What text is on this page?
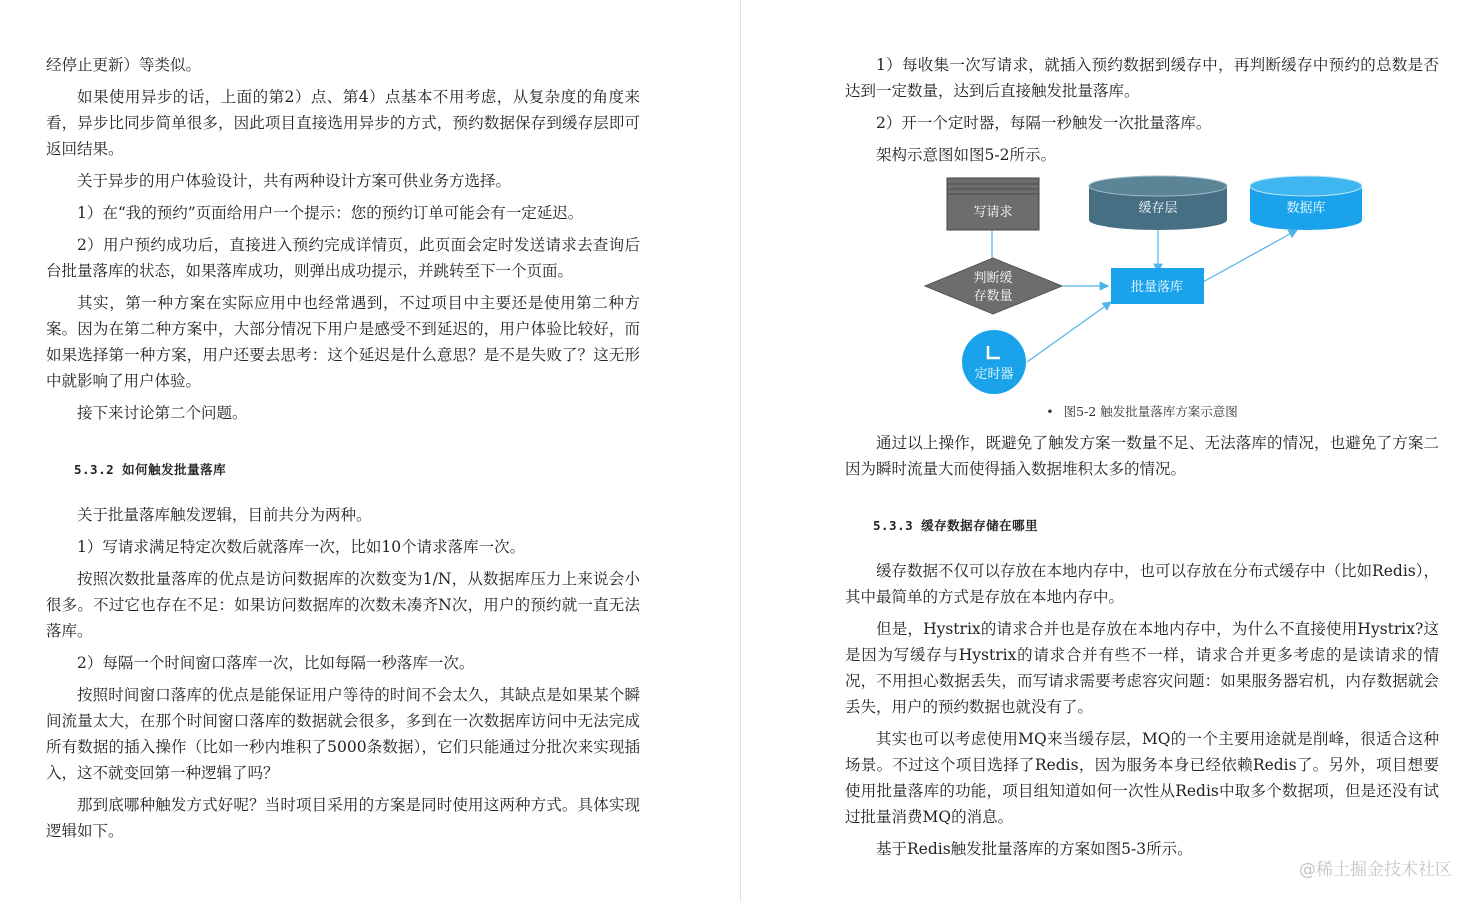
经停止更新）等类似。

如果使用异步的话，上面的第2）点、第4）点基本不用考虑，从复杂度的角度来看，异步比同步简单很多，因此项目直接选用异步的方式，预约数据保存到缓存层即可返回结果。

关于异步的用户体验设计，共有两种设计方案可供业务方选择。

1）在“我的预约”页面给用户一个提示：您的预约订单可能会有一定延迟。

2）用户预约成功后，直接进入预约完成详情页，此页面会定时发送请求去查询后台批量落库的状态，如果落库成功，则弹出成功提示，并跳转至下一个页面。

其实，第一种方案在实际应用中也经常遇到，不过项目中主要还是使用第二种方案。因为在第二种方案中，大部分情况下用户是感受不到延迟的，用户体验比较好，而如果选择第一种方案，用户还要去思考：这个延迟是什么意思？是不是失败了？这无形中就影响了用户体验。

接下来讨论第二个问题。

5.3.2 如何触发批量落库

关于批量落库触发逻辑，目前共分为两种。

1）写请求满足特定次数后就落库一次，比如10个请求落库一次。

按照次数批量落库的优点是访问数据库的次数变为1/N，从数据库压力上来说会小很多。不过它也存在不足：如果访问数据库的次数未凑齐N次，用户的预约就一直无法落库。

2）每隔一个时间窗口落库一次，比如每隔一秒落库一次。

按照时间窗口落库的优点是能保证用户等待的时间不会太久，其缺点是如果某个瞬间流量太大，在那个时间窗口落库的数据就会很多，多到在一次数据库访问中无法完成所有数据的插入操作（比如一秒内堆积了5000条数据），它们只能通过分批次来实现插入，这不就变回第一种逻辑了吗？

那到底哪种触发方式好呢？当时项目采用的方案是同时使用这两种方式。具体实现逻辑如下。

1）每收集一次写请求，就插入预约数据到缓存中，再判断缓存中预约的总数是否达到一定数量，达到后直接触发批量落库。

2）开一个定时器，每隔一秒触发一次批量落库。

架构示意图如图5-2所示。

写请求	缓存层	数据库
判断缓
存数量
批量落库
定时器
• 图5-2 触发批量落库方案示意图

通过以上操作，既避免了触发方案一数量不足、无法落库的情况，也避免了方案二因为瞬时流量大而使得插入数据堆积太多的情况。

5.3.3 缓存数据存储在哪里

缓存数据不仅可以存放在本地内存中，也可以存放在分布式缓存中（比如Redis），其中最简单的方式是存放在本地内存中。

但是，Hystrix的请求合并也是存放在本地内存中，为什么不直接使用Hystrix?这是因为写缓存与Hystrix的请求合并有些不一样，请求合并更多考虑的是读请求的情况，不用担心数据丢失，而写请求需要考虑容灾问题：如果服务器宕机，内存数据就会丢失，用户的预约数据也就没有了。

其实也可以考虑使用MQ来当缓存层，MQ的一个主要用途就是削峰，很适合这种场景。不过这个项目选择了Redis，因为服务本身已经依赖Redis了。另外，项目想要使用批量落库的功能，项目组知道如何一次性从Redis中取多个数据项，但是还没有试过批量消费MQ的消息。

基于Redis触发批量落库的方案如图5-3所示。

@稀土掘金技术社区
